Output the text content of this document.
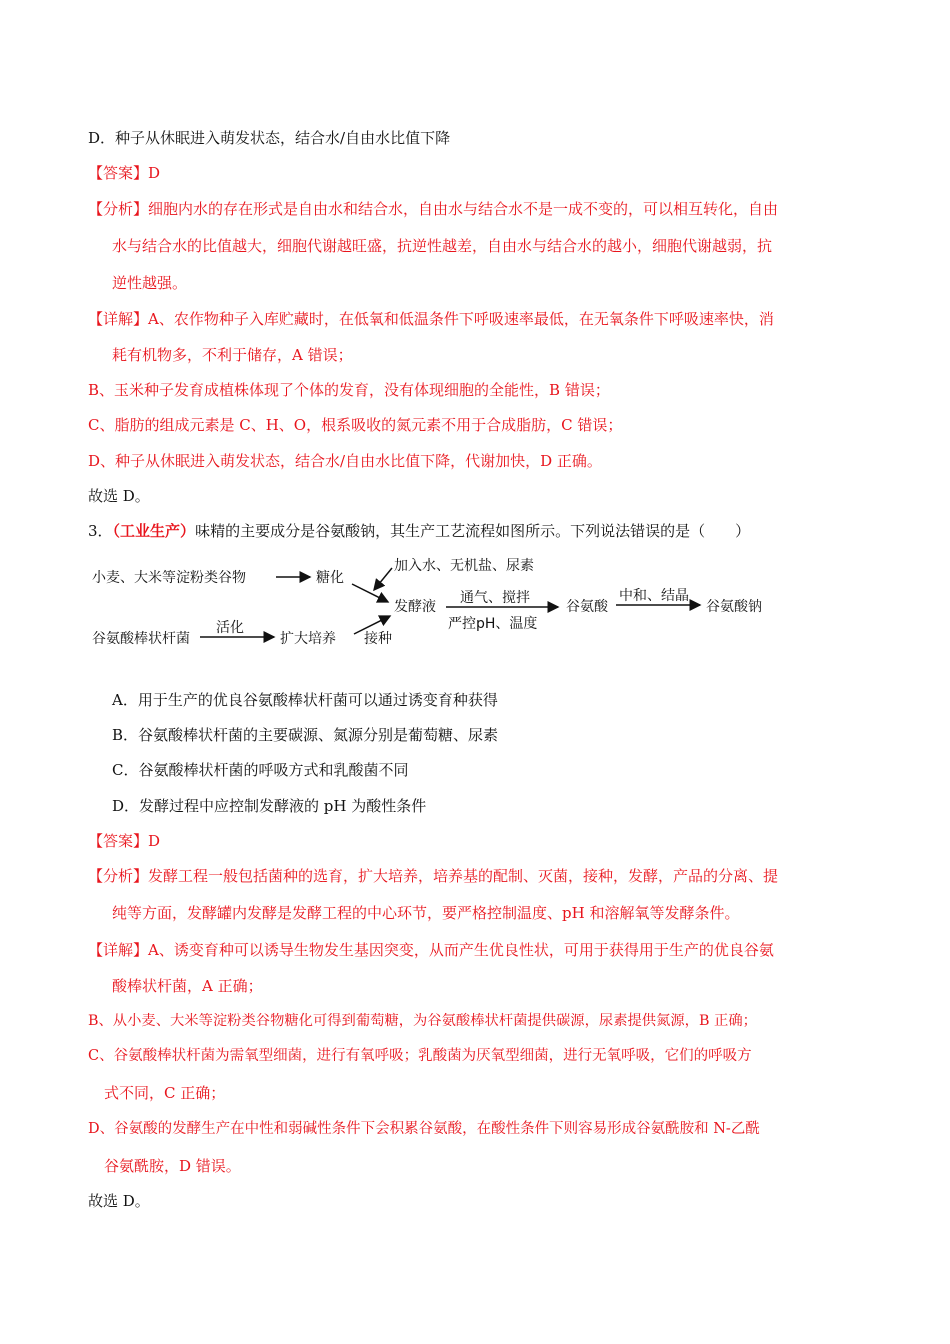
D．种子从休眠进入萌发状态，结合水/自由水比值下降
【答案】D
【分析】细胞内水的存在形式是自由水和结合水，自由水与结合水不是一成不变的，可以相互转化，自由
水与结合水的比值越大，细胞代谢越旺盛，抗逆性越差，自由水与结合水的越小，细胞代谢越弱，抗
逆性越强。
【详解】A、农作物种子入库贮藏时，在低氧和低温条件下呼吸速率最低，在无氧条件下呼吸速率快，消
耗有机物多，不利于储存，A 错误；
B、玉米种子发育成植株体现了个体的发育，没有体现细胞的全能性，B 错误；
C、脂肪的组成元素是 C、H、O，根系吸收的氮元素不用于合成脂肪，C 错误；
D、种子从休眠进入萌发状态，结合水/自由水比值下降，代谢加快，D 正确。
故选 D。
3．（工业生产）味精的主要成分是谷氨酸钠，其生产工艺流程如图所示。下列说法错误的是（　　）
小麦、大米等淀粉类谷物	糖化
加入水、无机盐、尿素
发酵液
通气、搅拌
严控pH、温度
谷氨酸
中和、结晶
谷氨酸钠
谷氨酸棒状杆菌
活化
扩大培养 接种
A．用于生产的优良谷氨酸棒状杆菌可以通过诱变育种获得
B．谷氨酸棒状杆菌的主要碳源、氮源分别是葡萄糖、尿素
C．谷氨酸棒状杆菌的呼吸方式和乳酸菌不同
D．发酵过程中应控制发酵液的 pH 为酸性条件
【答案】D
【分析】发酵工程一般包括菌种的选育，扩大培养，培养基的配制、灭菌，接种，发酵，产品的分离、提
纯等方面，发酵罐内发酵是发酵工程的中心环节，要严格控制温度、pH 和溶解氧等发酵条件。
【详解】A、诱变育种可以诱导生物发生基因突变，从而产生优良性状，可用于获得用于生产的优良谷氨
酸棒状杆菌，A 正确；
B、从小麦、大米等淀粉类谷物糖化可得到葡萄糖，为谷氨酸棒状杆菌提供碳源，尿素提供氮源，B 正确；
C、谷氨酸棒状杆菌为需氧型细菌，进行有氧呼吸；乳酸菌为厌氧型细菌，进行无氧呼吸，它们的呼吸方
式不同，C 正确；
D、谷氨酸的发酵生产在中性和弱碱性条件下会积累谷氨酸，在酸性条件下则容易形成谷氨酰胺和 N-乙酰
谷氨酰胺，D 错误。
故选 D。
